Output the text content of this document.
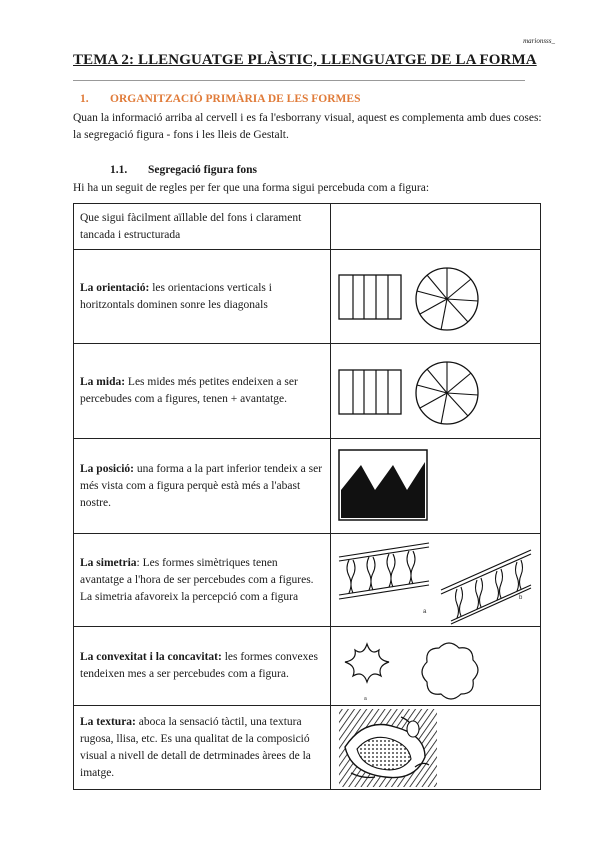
marionsss_
TEMA 2: LLENGUATGE PLÀSTIC, LLENGUATGE DE LA FORMA
1. ORGANITZACIÓ PRIMÀRIA DE LES FORMES
Quan la informació arriba al cervell i es fa l'esborrany visual, aquest es complementa amb dues coses: la segregació figura - fons i les lleis de Gestalt.
1.1. Segregació figura fons
Hi ha un seguit de regles per fer que una forma sigui percebuda com a figura:
Que sigui fàcilment aïllable del fons i clarament tancada i estructurada	
La orientació: les orientacions verticals i horitzontals dominen sonre les diagonals	

La mida: Les mides més petites endeixen a ser percebudes com a figures, tenen + avantatge.	

La posició: una forma a la part inferior tendeix a ser més vista com a figura perquè està més a l'abast nostre.	

La simetria: Les formes simètriques tenen avantatge a l'hora de ser percebudes com a figures. La simetria afavoreix la percepció com a figura	a
b

La convexitat i la concavitat: les formes convexes tendeixen mes a ser percebudes com a figura.	a

La textura: aboca la sensació tàctil, una textura rugosa, llisa, etc. Es una qualitat de la composició visual a nivell de detall de detrminades àrees de la imatge.	
